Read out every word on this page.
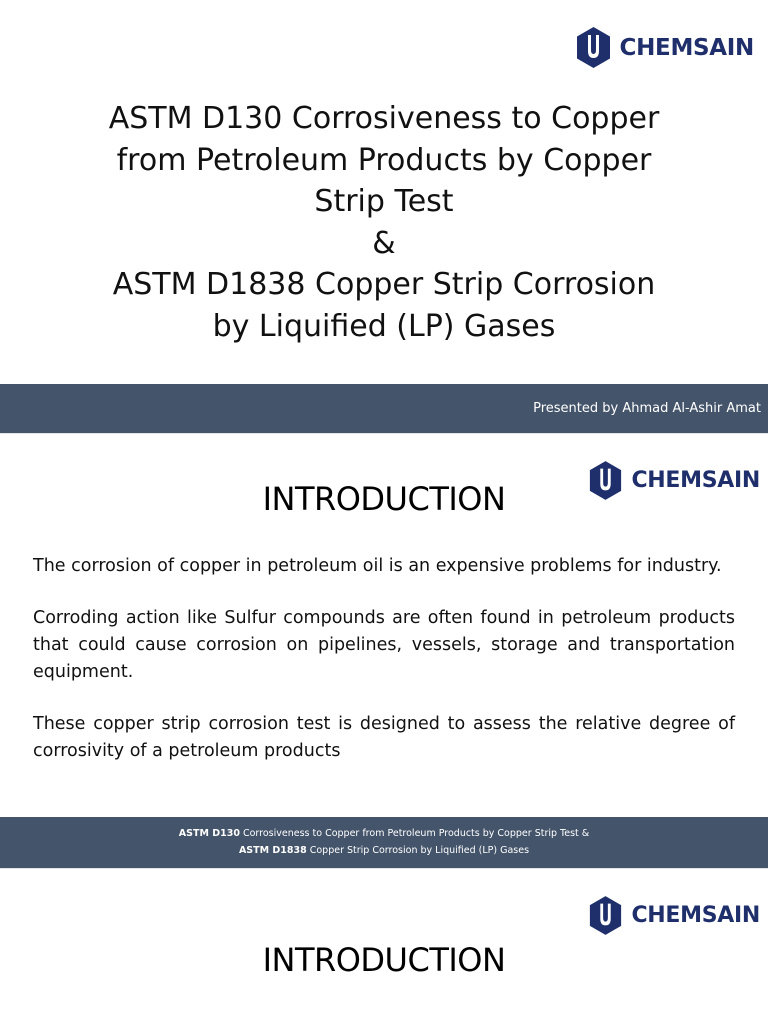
CHEMSAIN
ASTM D130 Corrosiveness to Copper
from Petroleum Products by Copper
Strip Test
&
ASTM D1838 Copper Strip Corrosion
by Liquified (LP) Gases
Presented by Ahmad Al-Ashir Amat
CHEMSAIN
INTRODUCTION

The corrosion of copper in petroleum oil is an expensive problems for industry.

Corroding action like Sulfur compounds are often found in petroleum products that could cause corrosion on pipelines, vessels, storage and transportation equipment.

These copper strip corrosion test is designed to assess the relative degree of corrosivity of a petroleum products

ASTM D130 Corrosiveness to Copper from Petroleum Products by Copper Strip Test &
ASTM D1838 Copper Strip Corrosion by Liquified (LP) Gases
CHEMSAIN
INTRODUCTION
